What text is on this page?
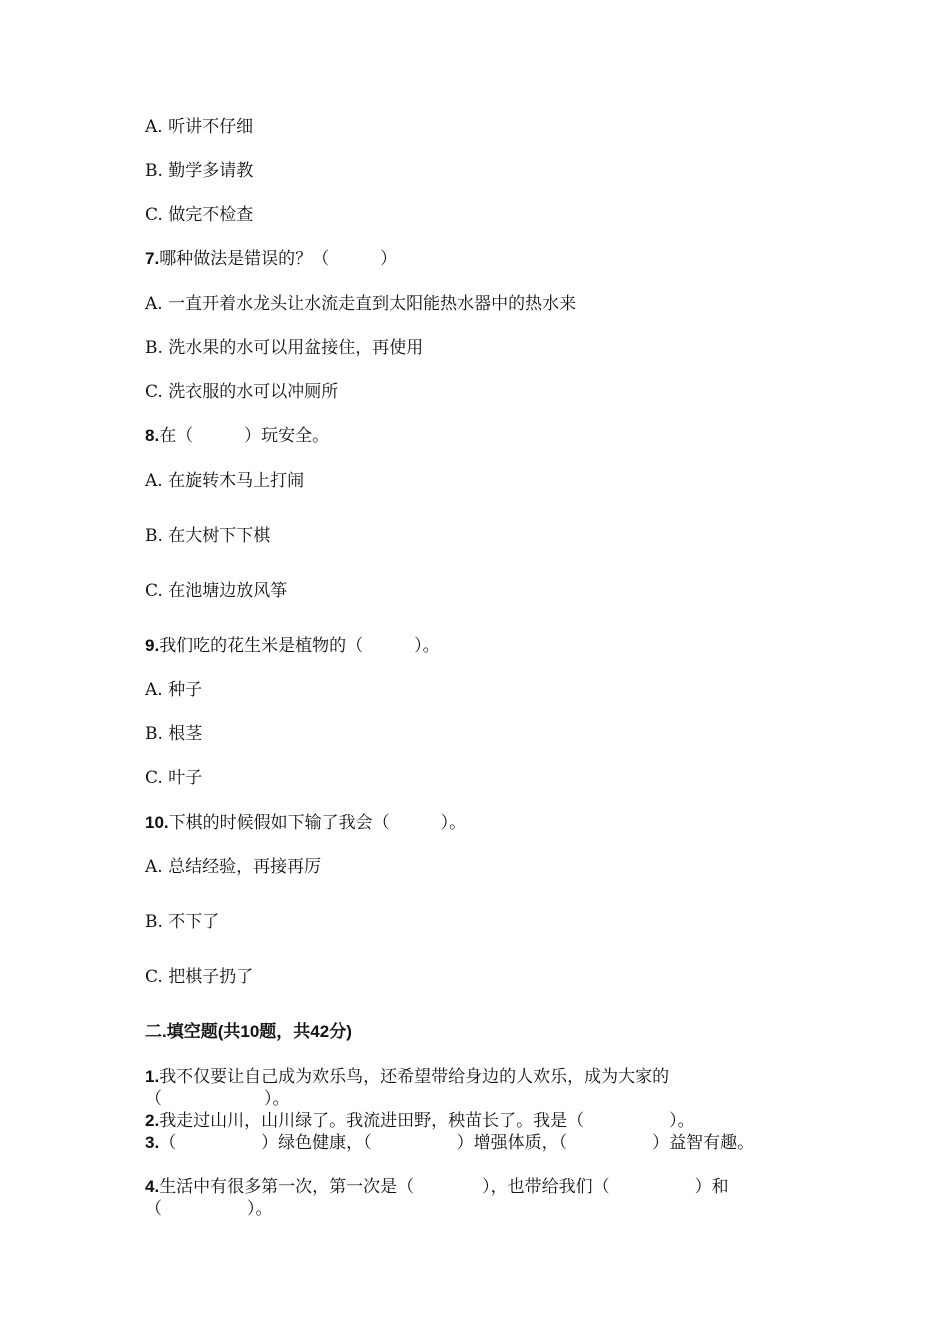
A. 听讲不仔细
B. 勤学多请教
C. 做完不检查
7.哪种做法是错误的？（　　　）
A. 一直开着水龙头让水流走直到太阳能热水器中的热水来
B. 洗水果的水可以用盆接住，再使用
C. 洗衣服的水可以冲厕所
8.在（　　　）玩安全。
A. 在旋转木马上打闹
B. 在大树下下棋
C. 在池塘边放风筝
9.我们吃的花生米是植物的（　　　）。
A. 种子
B. 根茎
C. 叶子
10.下棋的时候假如下输了我会（　　　）。
A. 总结经验，再接再厉
B. 不下了
C. 把棋子扔了
二.填空题(共10题，共42分)
1.我不仅要让自己成为欢乐鸟，还希望带给身边的人欢乐，成为大家的（　　　　　　）。
2.我走过山川，山川绿了。我流进田野，秧苗长了。我是（　　　　　）。
3.（　　　　　）绿色健康，（　　　　　）增强体质，（　　　　　）益智有趣。
4.生活中有很多第一次，第一次是（　　　　），也带给我们（　　　　　）和（　　　　　）。
